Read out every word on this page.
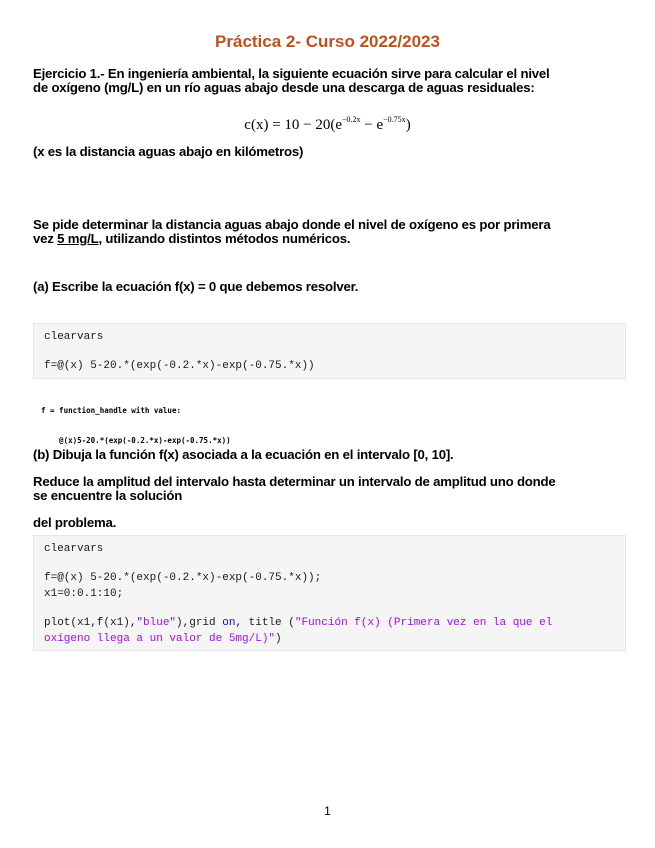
Práctica 2- Curso 2022/2023
Ejercicio 1.- En ingeniería ambiental, la siguiente ecuación sirve para calcular el nivel
de oxígeno (mg/L) en un río aguas abajo desde una descarga de aguas residuales:
$c(x) = 10 - 20(e^{-0.2x} - e^{-0.75x})$
(x es la distancia aguas abajo en kilómetros)
Se pide determinar la distancia aguas abajo donde el nivel de oxígeno es por primera
vez 5 mg/L, utilizando distintos métodos numéricos.
(a) Escribe la ecuación f(x) = 0 que debemos resolver.
clearvars
f=@(x) 5-20.*(exp(-0.2.*x)-exp(-0.75.*x))

f = function_handle with value:

@(x)5-20.*(exp(-0.2.*x)-exp(-0.75.*x))

(b) Dibuja la función f(x) asociada a la ecuación en el intervalo [0, 10].
Reduce la amplitud del intervalo hasta determinar un intervalo de amplitud uno donde
se encuentre la solución
del problema.
clearvars
f=@(x) 5-20.*(exp(-0.2.*x)-exp(-0.75.*x));
x1=0:0.1:10;
plot(x1,f(x1),"blue"),grid on, title ("Función f(x) (Primera vez en la que el
oxígeno llega a un valor de 5mg/L)")
1
